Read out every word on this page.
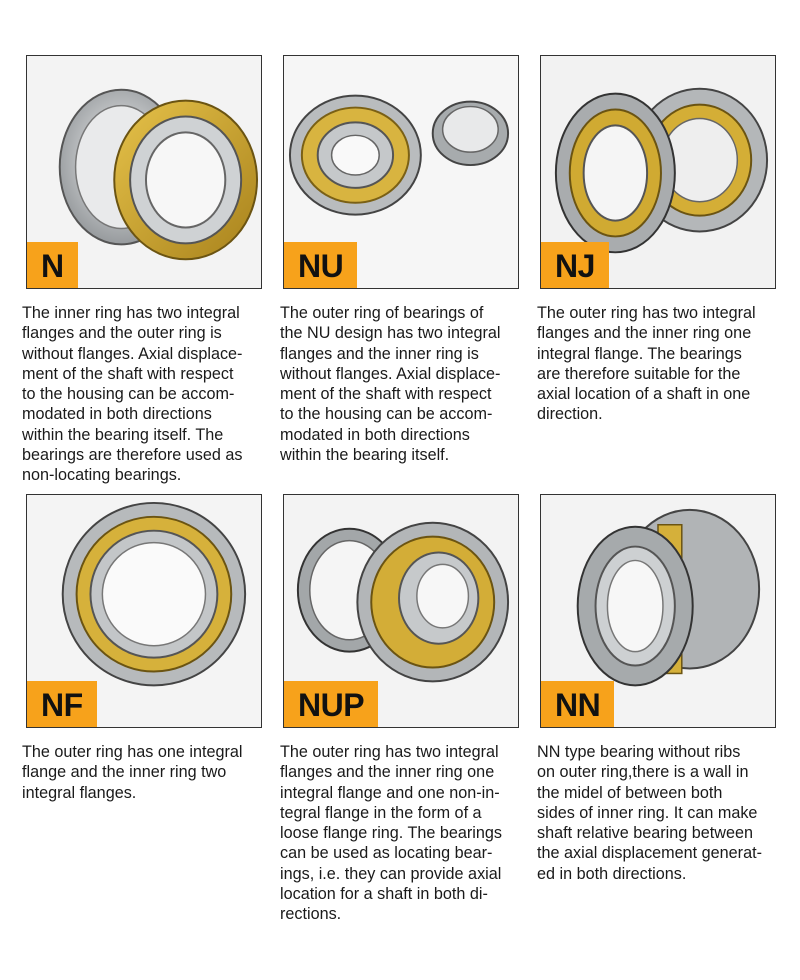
N	NU	NJ
The inner ring has two integral
flanges and the outer ring is
without flanges. Axial displace-
ment of the shaft with respect
to the housing can be accom-
modated in both directions
within the bearing itself. The
bearings are therefore used as
non-locating bearings.
The outer ring of bearings of
the NU design has two integral
flanges and the inner ring is
without flanges. Axial displace-
ment of the shaft with respect
to the housing can be accom-
modated in both directions
within the bearing itself.
The outer ring has two integral
flanges and the inner ring one
integral flange. The bearings
are therefore suitable for the
axial location of a shaft in one
direction.
NF	NUP	NN
The outer ring has one integral
flange and the inner ring two
integral flanges.
The outer ring has two integral
flanges and the inner ring one
integral flange and one non-in-
tegral flange in the form of a
loose flange ring. The bearings
can be used as locating bear-
ings, i.e. they can provide axial
location for a shaft in both di-
rections.
NN type bearing without ribs
on outer ring,there is a wall in
the midel of between both
sides of inner ring. It can make
shaft relative bearing between
the axial displacement generat-
ed in both directions.
